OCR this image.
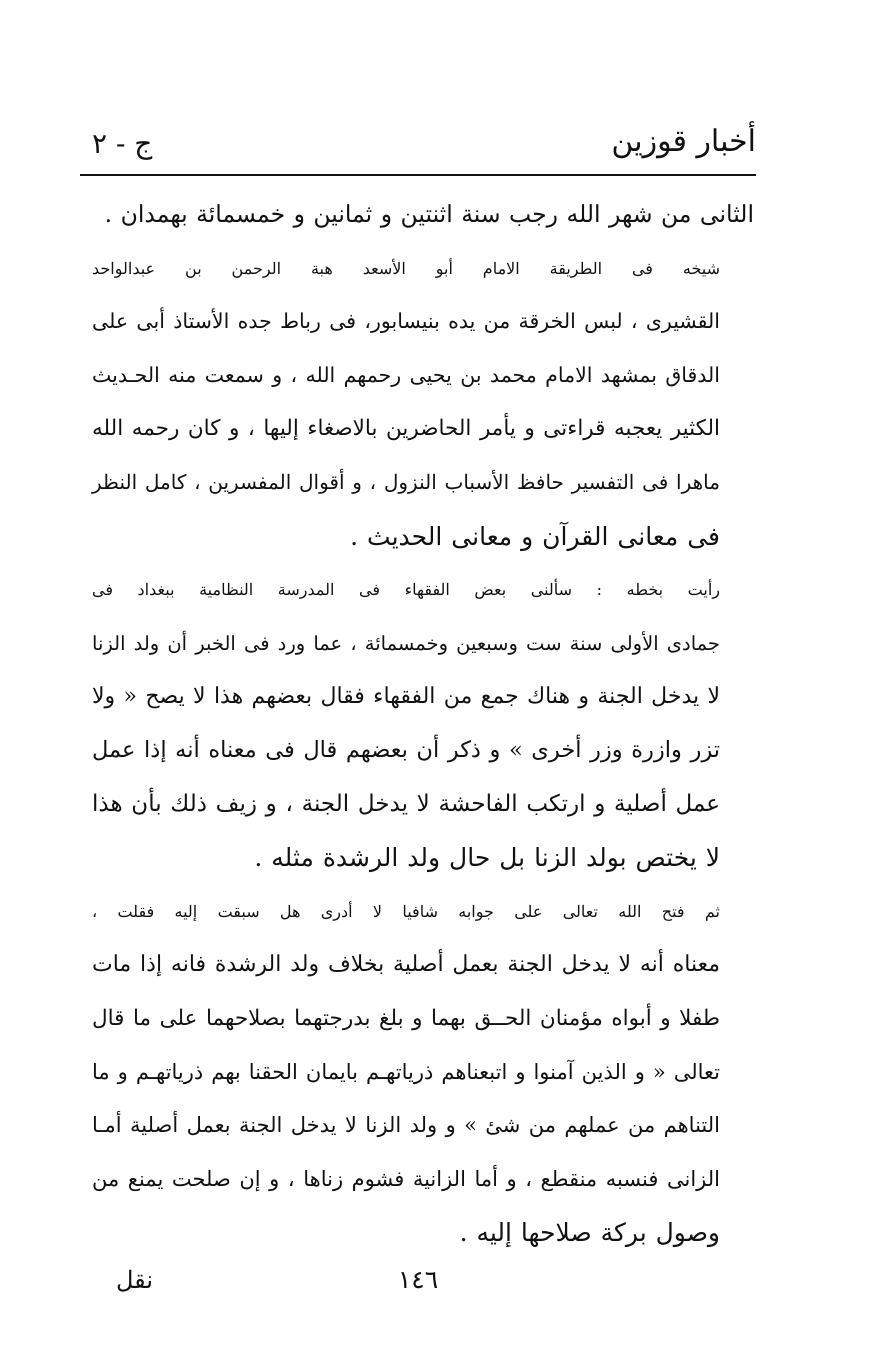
أخبار قوزين
ج - ٢

الثانى من شهر الله رجب سنة اثنتين و ثمانين و خمسمائة بهمدان .

شيخه فى الطريقة الامام أبو الأسعد هبة الرحمن بن عبدالواحد
القشيرى ، لبس الخرقة من يده بنيسابور، فى رباط جده الأستاذ أبى على
الدقاق بمشهد الامام محمد بن يحيى رحمهم الله ، و سمعت منه الحـديث
الكثير يعجبه قراءتى و يأمر الحاضرين بالاصغاء إليها ، و كان رحمه الله
ماهرا فى التفسير حافظ الأسباب النزول ، و أقوال المفسرين ، كامل النظر
فى معانى القرآن و معانى الحديث .

رأيت بخطه : سألنى بعض الفقهاء فى المدرسة النظامية ببغداد فى
جمادى الأولى سنة ست وسبعين وخمسمائة ، عما ورد فى الخبر أن ولد الزنا
لا يدخل الجنة و هناك جمع من الفقهاء فقال بعضهم هذا لا يصح « ولا
تزر وازرة وزر أخرى » و ذكر أن بعضهم قال فى معناه أنه إذا عمل
عمل أصلية و ارتكب الفاحشة لا يدخل الجنة ، و زيف ذلك بأن هذا
لا يختص بولد الزنا بل حال ولد الرشدة مثله .

ثم فتح الله تعالى على جوابه شافيا لا أدرى هل سبقت إليه فقلت ،
معناه أنه لا يدخل الجنة بعمل أصلية بخلاف ولد الرشدة فانه إذا مات
طفلا و أبواه مؤمنان الحــق بهما و بلغ بدرجتهما بصلاحهما على ما قال
تعالى « و الذين آمنوا و اتبعناهم ذرياتهـم بايمان الحقنا بهم ذرياتهـم و ما
التناهم من عملهم من شئ » و ولد الزنا لا يدخل الجنة بعمل أصلية أمـا
الزانى فنسبه منقطع ، و أما الزانية فشوم زناها ، و إن صلحت يمنع من
وصول بركة صلاحها إليه .

١٤٦
نقل
